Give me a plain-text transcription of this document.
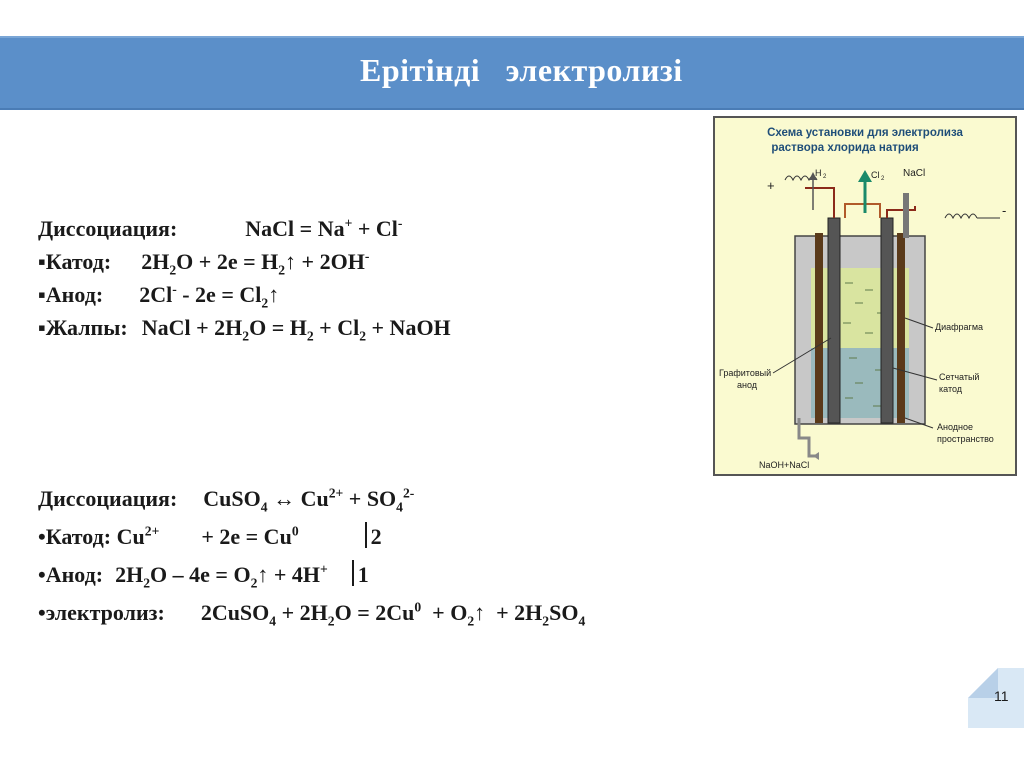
Ерітінді   электролизі
Диссоциация:	NaCl = Na+ + Cl-
▪Катод: $2H_2O + 2e$ = $H_2↑ + 2OH^-$
▪Анод: $2Cl^- - 2e = Cl_2↑$
▪Жалпы: NaCl + $2H_2O = H_2 + Cl_2$ + NaOH
Диссоциация: CuSO$_4$ ↔ $Cu^{2+} + SO_4^{2-}$
•Катод: $Cu^{2+} + 2e = Cu^0$	2
•Анод: $2H_2O - 4e$ = $O_2↑ + 4H^+$ 1
•электролиз: 2CuSO$_4$ + $2H_2O = 2Cu^0$  + $O_2↑ + 2H_2SO_4$
Схема установки для электролиза
раствора хлорида натрия
H 2	Cl 2 NaCl
+
-
Диафрагма
Графитовый
анод
Сетчатый
катод
Анодное
пространство
NaOH+NaCl
11
